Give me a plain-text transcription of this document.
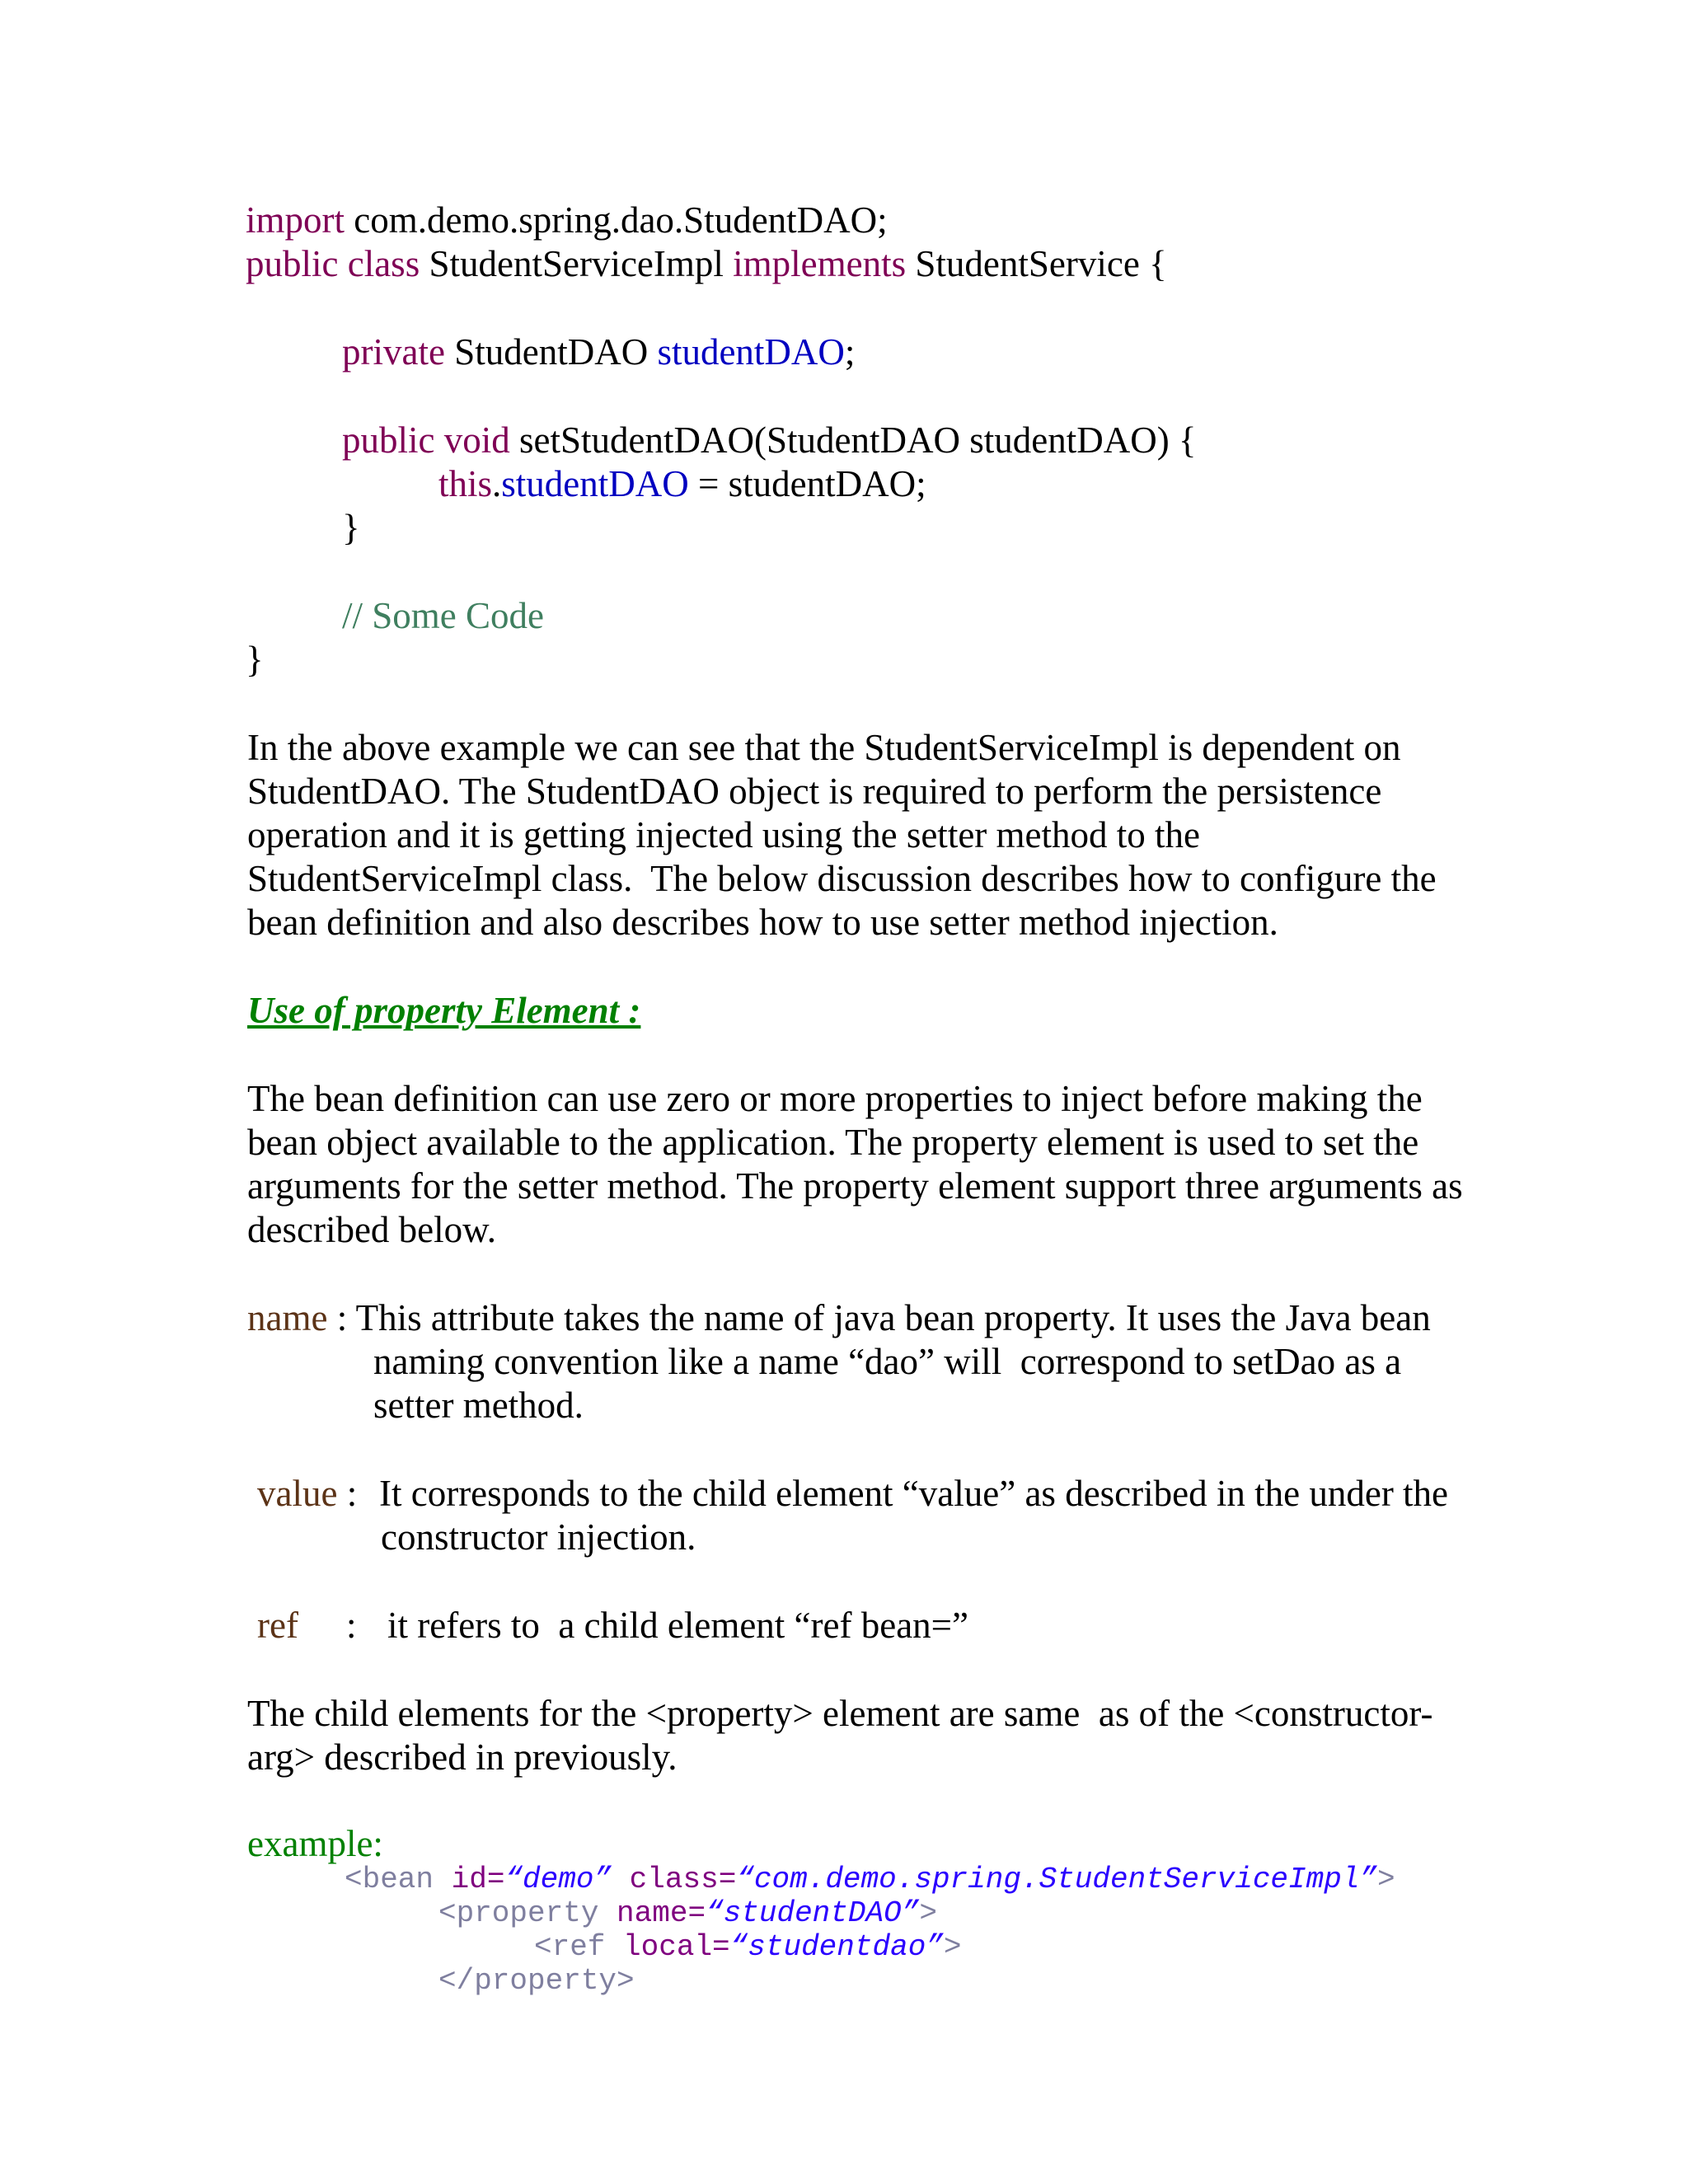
import com.demo.spring.dao.StudentDAO;
public class StudentServiceImpl implements StudentService {
private StudentDAO studentDAO;
public void setStudentDAO(StudentDAO studentDAO) {
this.studentDAO = studentDAO;
}
// Some Code
}
In the above example we can see that the StudentServiceImpl is dependent on
StudentDAO. The StudentDAO object is required to perform the persistence
operation and it is getting injected using the setter method to the
StudentServiceImpl class.  The below discussion describes how to configure the
bean definition and also describes how to use setter method injection.
Use of property Element :
The bean definition can use zero or more properties to inject before making the
bean object available to the application. The property element is used to set the
arguments for the setter method. The property element support three arguments as
described below.
name : This attribute takes the name of java bean property. It uses the Java bean
naming convention like a name “dao” will  correspond to setDao as a
setter method.
value : It corresponds to the child element “value” as described in the under the
constructor injection.
ref : it refers to  a child element “ref bean=”
The child elements for the <property> element are same  as of the <constructor-
arg> described in previously.
example:
<bean id=“demo” class=“com.demo.spring.StudentServiceImpl”>
<property name=“studentDAO”>
<ref local=“studentdao”>
</property>
